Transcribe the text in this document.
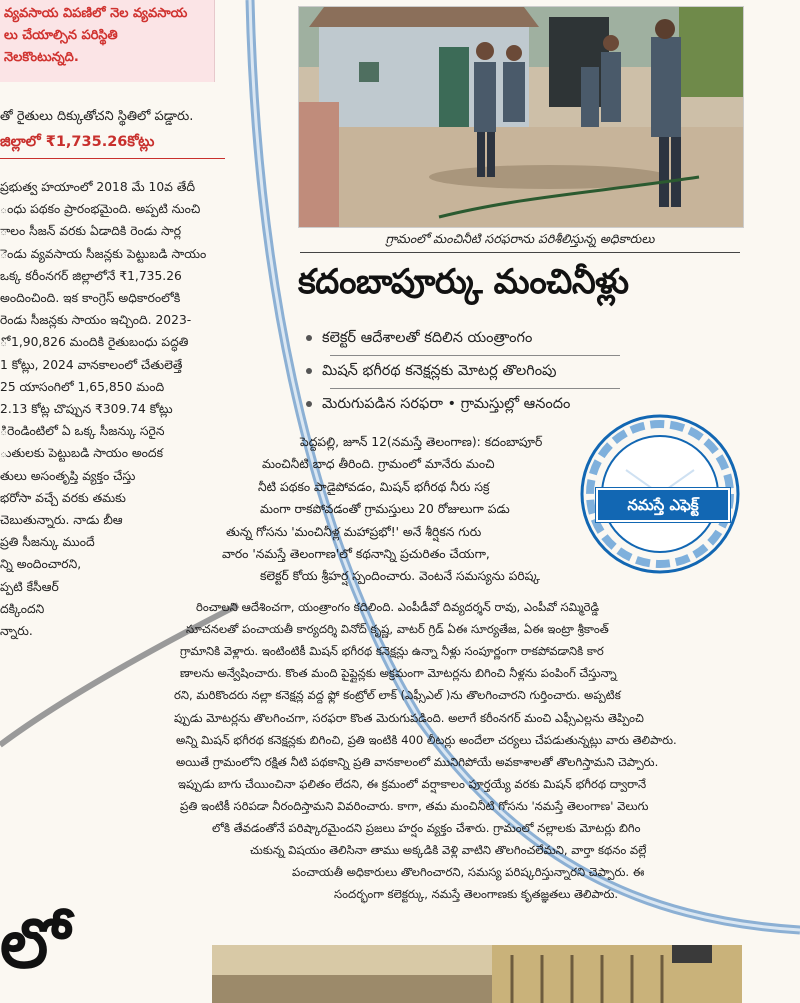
వ్యవసాయ విపణిలో నెల వ్యవసాయ
లు చేయాల్సిన పరిస్థితి
నెలకొంటున్నది.
తో రైతులు దిక్కుతోచని స్థితిలో పడ్డారు.
జిల్లాలో ₹1,735.26కోట్లు
ప్రభుత్వ హయాంలో 2018 మే 10వ తేదీ
ంధు పథకం ప్రారంభమైంది. అప్పటి నుంచి
ాలం సీజన్ వరకు ఏడాదికి రెండు సార్ల
ెండు వ్యవసాయ సీజన్లకు పెట్టుబడి సాయం
ఒక్క కరీంనగర్ జిల్లాలోనే ₹1,735.26
అందించింది. ఇక కాంగ్రెస్ అధికారంలోకి
రెండు సీజన్లకు సాయం ఇచ్చింది. 2023-
ో 1,90,826 మందికి రైతుబంధు పద్ధతి
1 కోట్లు, 2024 వానకాలంలో చేతులెత్తే
25 యాసంగిలో 1,65,850 మంది
2.13 కోట్ల చొప్పున ₹309.74 కోట్లు
ిరెండింటిలో ఏ ఒక్క సీజన్కు సరైన
ుతులకు పెట్టుబడి సాయం అందక
తులు అసంతృప్తి వ్యక్తం చేస్తు
భరోసా వచ్చే వరకు తమకు
చెబుతున్నారు. నాడు బీఆ
ప్రతి సీజన్కు ముందే
న్ని అందించారని,
ప్పటి కేసీఆర్
దక్కిందని
న్నారు.
లో
గ్రామంలో మంచినీటి సరఫరాను పరిశీలిస్తున్న అధికారులు
కదంబాపూర్కు మంచినీళ్లు
కలెక్టర్ ఆదేశాలతో కదిలిన యంత్రాంగం
మిషన్ భగీరథ కనెక్షన్లకు మోటర్ల తొలగింపు
మెరుగుపడిన సరఫరా • గ్రామస్తుల్లో ఆనందం
నమస్తే ఎఫెక్ట్
పెద్దపల్లి, జూన్ 12(నమస్తే తెలంగాణ): కదంబాపూర్
మంచినీటి బాధ తీరింది. గ్రామంలో మానేరు మంచి
నీటి పథకం పాడైపోవడం, మిషన్ భగీరథ నీరు సక్ర
మంగా రాకపోవడంతో గ్రామస్తులు 20 రోజులుగా పడు
తున్న గోసను 'మంచినీళ్ల మహాప్రభో!' అనే శీర్షికన గురు
వారం 'నమస్తే తెలంగాణ'లో కథనాన్ని ప్రచురితం చేయగా,
కలెక్టర్ కోయ శ్రీహర్ష స్పందించారు. వెంటనే సమస్యను పరిష్క
రించాలని ఆదేశించగా, యంత్రాంగం కదిలింది. ఎంపీడీవో దివ్యదర్శన్ రావు, ఎంపీవో సమ్మిరెడ్డి
సూచనలతో పంచాయతీ కార్యదర్శి వినోద్ కృష్ణ, వాటర్ గ్రిడ్ ఏఈ సూర్యతేజ, ఏఈ ఇంట్రా శ్రీకాంత్
గ్రామానికి వెళ్లారు. ఇంటింటికీ మిషన్ భగీరథ కనెక్షన్లు ఉన్నా నీళ్లు సంపూర్ణంగా రాకపోవడానికి కార
ణాలను అన్వేషించారు. కొంత మంది పైప్లైన్లకు అక్రమంగా మోటర్లను బిగించి నీళ్లను పంపింగ్ చేస్తున్నా
రని, మరికొందరు నల్లా కనెక్షన్ల వద్ద ఫ్లో కంట్రోల్ లాక్ (ఎఫ్సీఎల్ )ను తొలగించారని గుర్తించారు. అప్పటిక
ప్పుడు మోటర్లను తొలగించగా, సరఫరా కొంత మెరుగుపడింది. అలాగే కరీంనగర్ మంచి ఎఫ్సీఎల్లను తెప్పించి
అన్ని మిషన్ భగీరథ కనెక్షన్లకు బిగించి, ప్రతి ఇంటికి 400 లీటర్లు అందేలా చర్యలు చేపడుతున్నట్లు వారు తెలిపారు.
అయితే గ్రామంలోని రక్షిత నీటి పథకాన్ని ప్రతి వానకాలంలో మునిగిపోయే అవకాశాలతో తొలగిస్తామని చెప్పారు.
ఇప్పుడు బాగు చేయించినా ఫలితం లేదని, ఈ క్రమంలో వర్షాకాలం పూర్తయ్యే వరకు మిషన్ భగీరథ ద్వారానే
ప్రతి ఇంటికీ సరిపడా నీరందిస్తామని వివరించారు. కాగా, తమ మంచినీటి గోసను 'నమస్తే తెలంగాణ' వెలుగు
లోకి తేవడంతోనే పరిష్కారమైందని ప్రజలు హర్షం వ్యక్తం చేశారు. గ్రామంలో నల్లాలకు మోటర్లు బిగిం
చుకున్న విషయం తెలిసినా తాము అక్కడికి వెళ్లి వాటిని తొలగించలేమని, వార్తా కథనం వల్లే
పంచాయతీ అధికారులు తొలగించారని, సమస్య పరిష్కరిస్తున్నారని చెప్పారు. ఈ
సందర్భంగా కలెక్టర్కు, నమస్తే తెలంగాణకు కృతజ్ఞతలు తెలిపారు.
